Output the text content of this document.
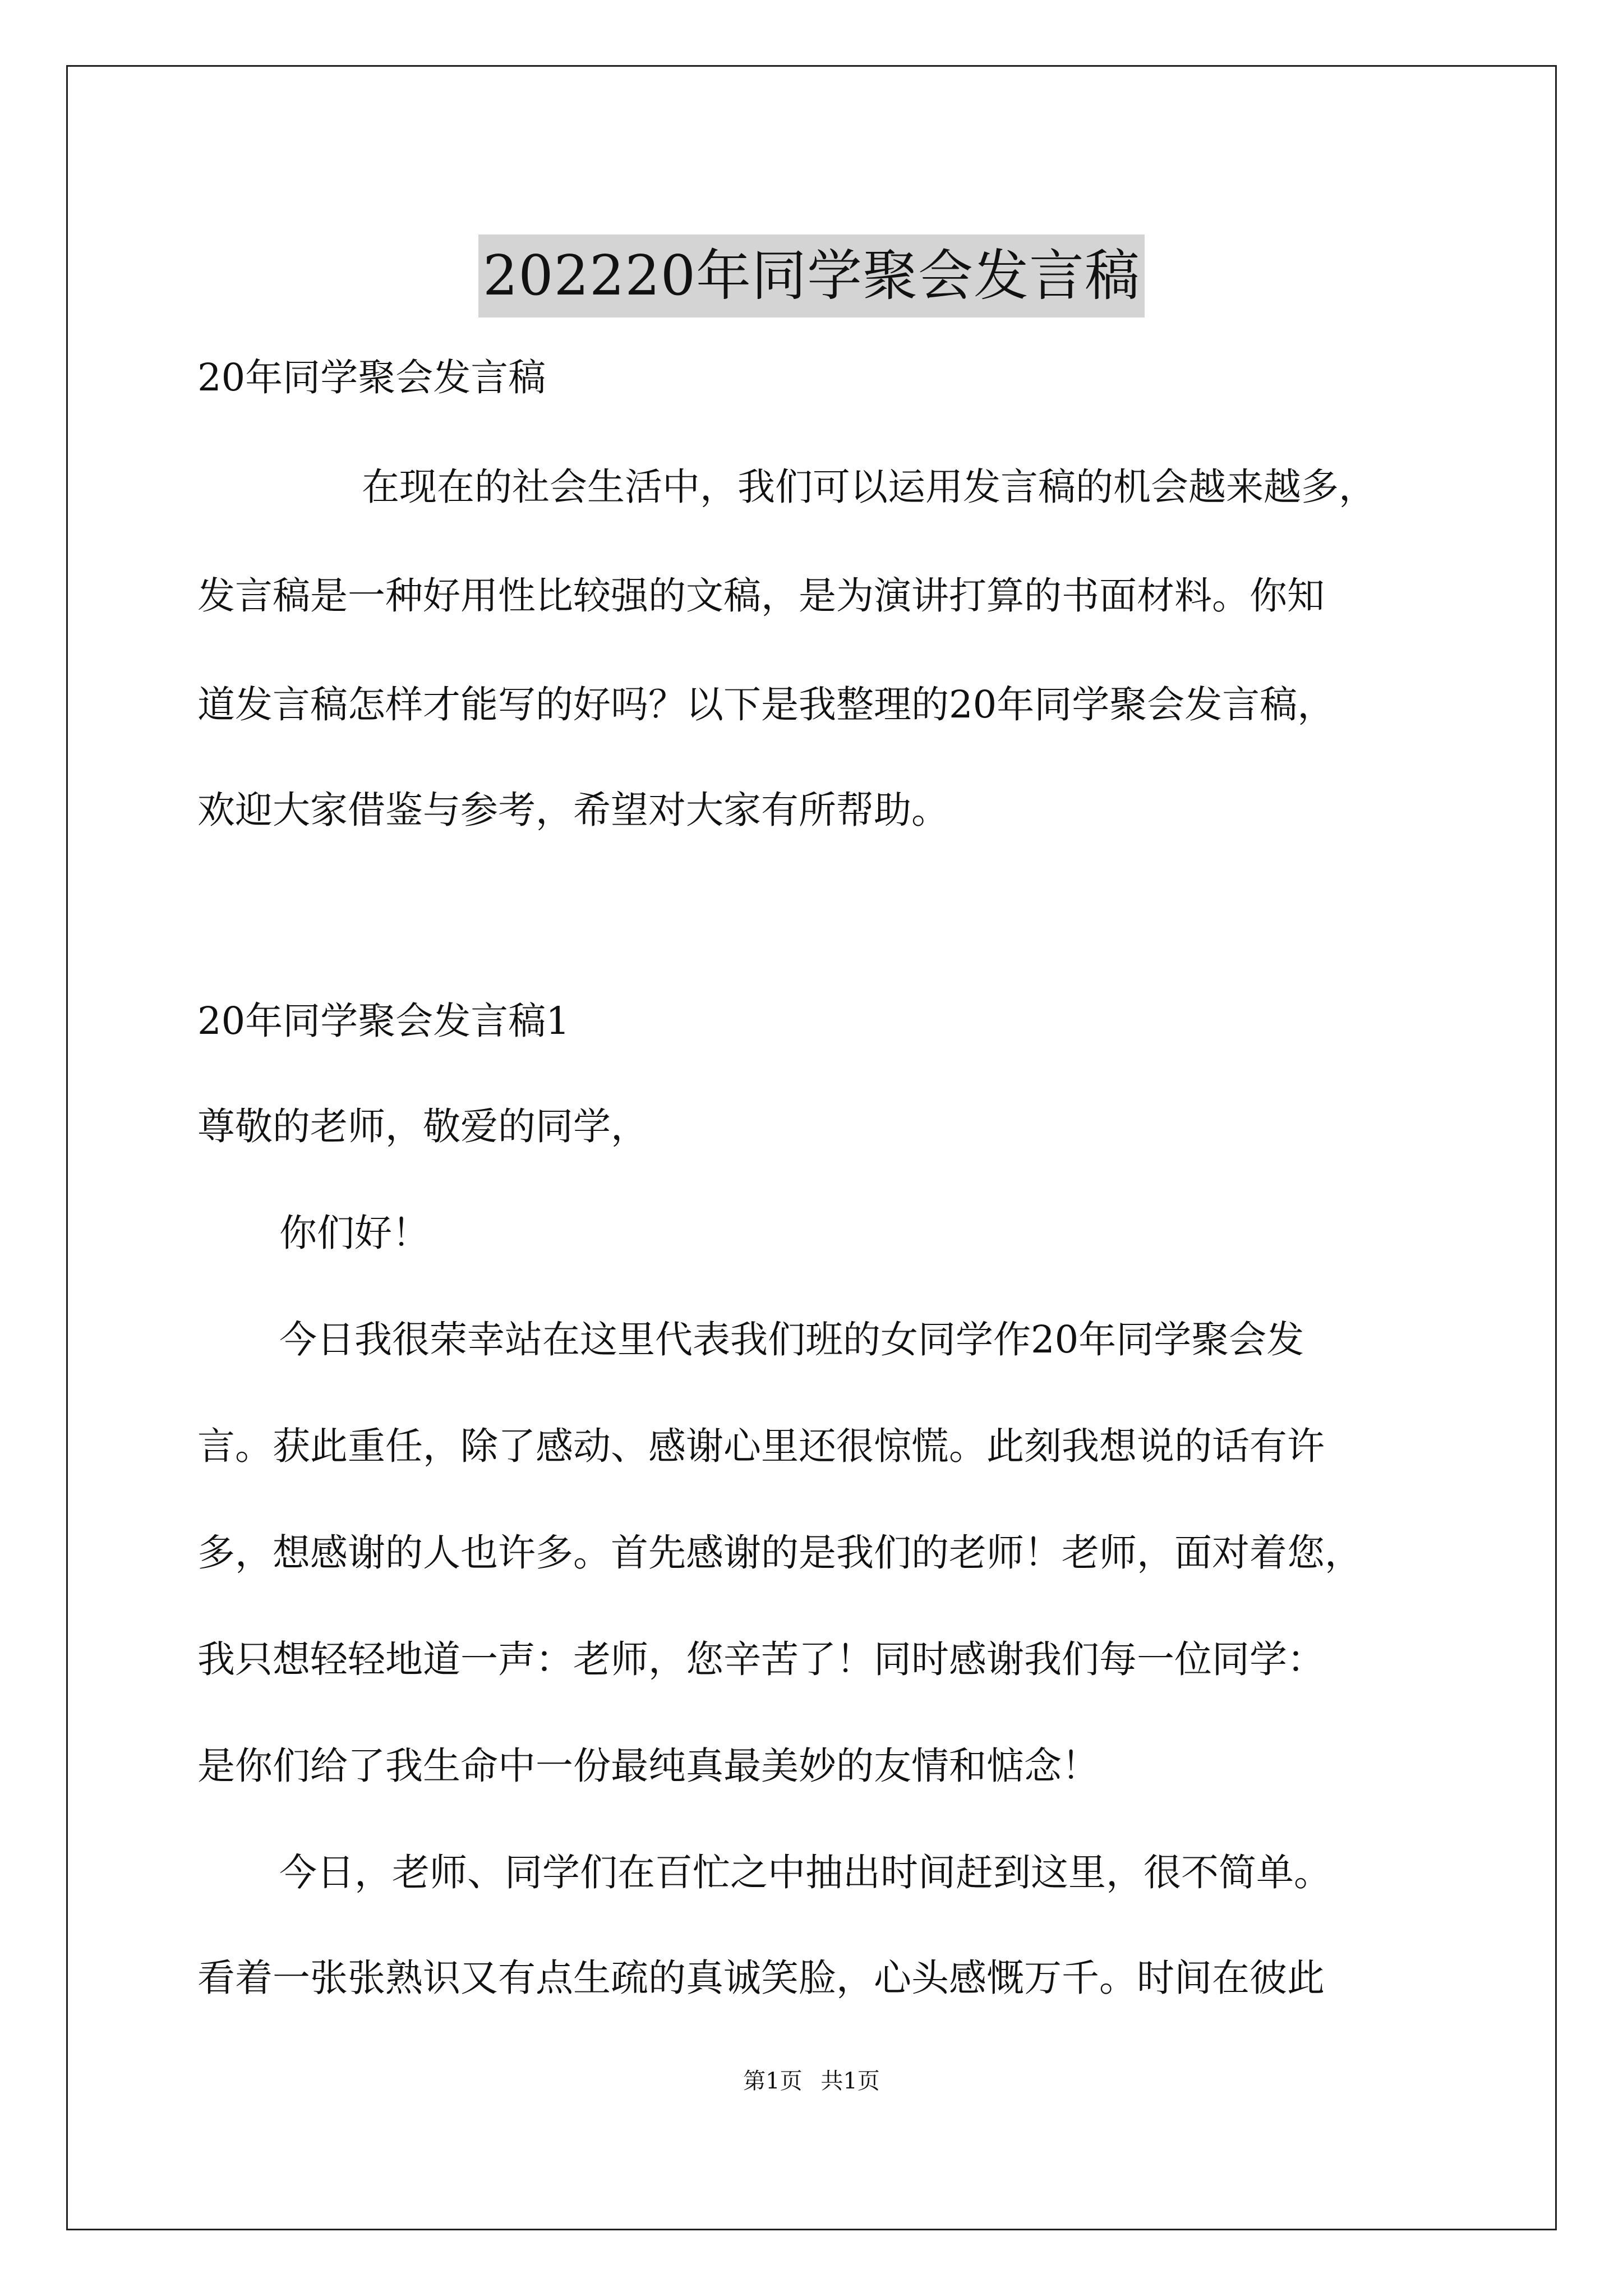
202220年同学聚会发言稿
20年同学聚会发言稿
在现在的社会生活中，我们可以运用发言稿的机会越来越多，
发言稿是一种好用性比较强的文稿，是为演讲打算的书面材料。你知
道发言稿怎样才能写的好吗？以下是我整理的20年同学聚会发言稿，
欢迎大家借鉴与参考，希望对大家有所帮助。
20年同学聚会发言稿1
尊敬的老师，敬爱的同学，
你们好！
今日我很荣幸站在这里代表我们班的女同学作20年同学聚会发
言。获此重任，除了感动、感谢心里还很惊慌。此刻我想说的话有许
多，想感谢的人也许多。首先感谢的是我们的老师！老师，面对着您，
我只想轻轻地道一声：老师，您辛苦了！同时感谢我们每一位同学：
是你们给了我生命中一份最纯真最美妙的友情和惦念！
今日，老师、同学们在百忙之中抽出时间赶到这里，很不简单。
看着一张张熟识又有点生疏的真诚笑脸，心头感慨万千。时间在彼此
第1页 共1页
